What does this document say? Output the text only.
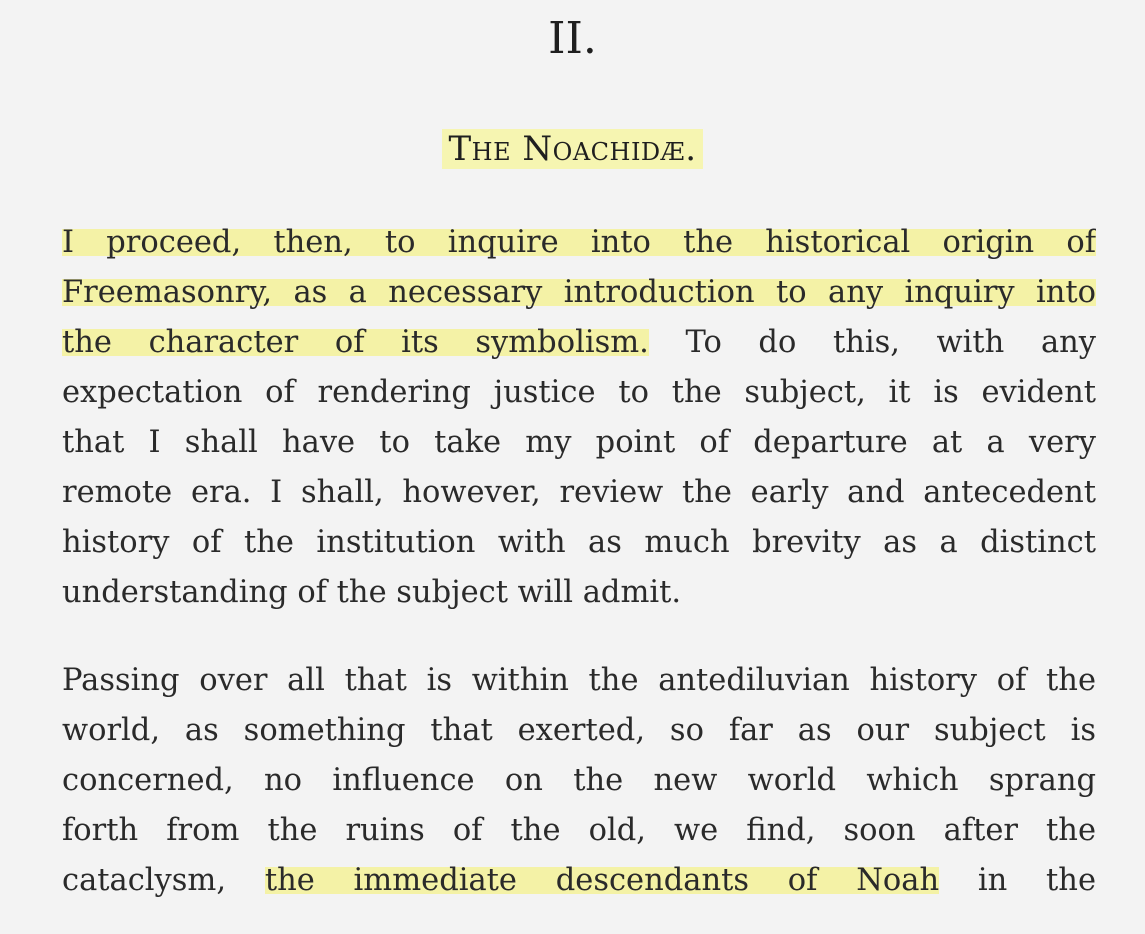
II.
The Noachidæ.
I proceed, then, to inquire into the historical origin of
Freemasonry, as a necessary introduction to any inquiry into
the character of its symbolism. To do this, with any
expectation of rendering justice to the subject, it is evident
that I shall have to take my point of departure at a very
remote era. I shall, however, review the early and antecedent
history of the institution with as much brevity as a distinct
understanding of the subject will admit.
Passing over all that is within the antediluvian history of the
world, as something that exerted, so far as our subject is
concerned, no influence on the new world which sprang
forth from the ruins of the old, we find, soon after the
cataclysm, the immediate descendants of Noah in the
